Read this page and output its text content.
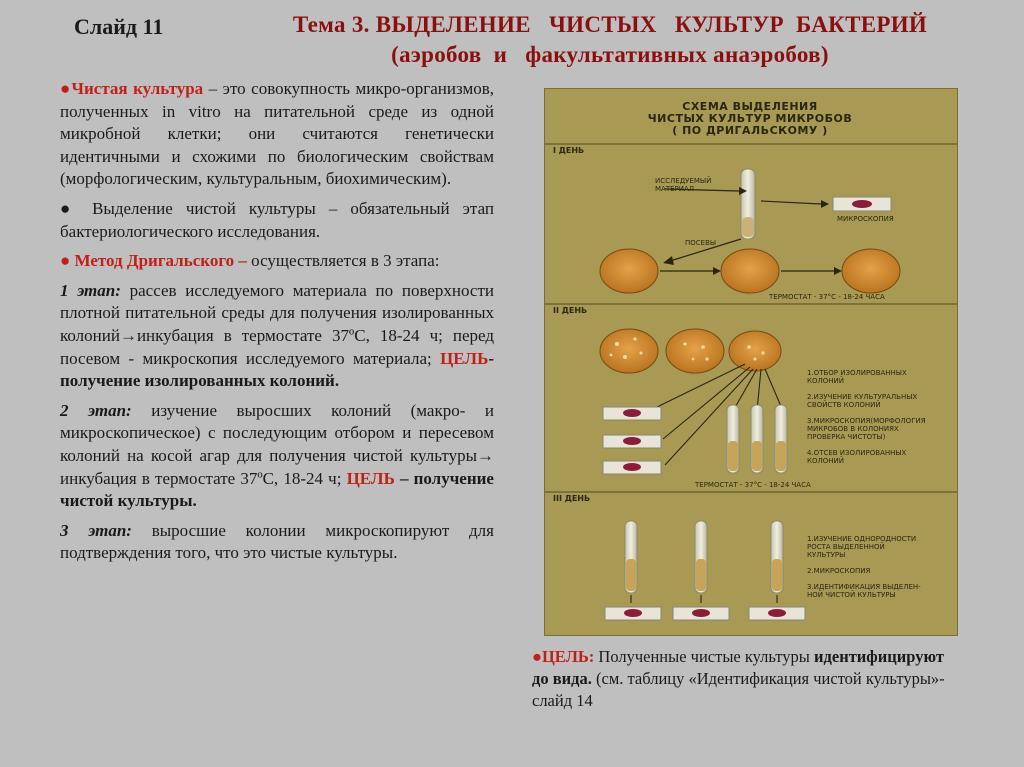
Слайд 11	Тема 3. ВЫДЕЛЕНИЕ   ЧИСТЫХ   КУЛЬТУР  БАКТЕРИЙ
(аэробов  и   факультативных анаэробов)

●Чистая культура – это совокупность микро-организмов, полученных in vitro на питательной среде из одной микробной клетки; они считаются генетически идентичными и схожими по биологическим свойствам (морфологическим, культуральным, биохимическим).

● Выделение чистой культуры – обязательный этап бактериологического исследования.

● Метод Дригальского – осуществляется в 3 этапа:

1 этап: рассев исследуемого материала по поверхности плотной питательной среды для получения изолированных колоний→инкубация в термостате 37ºС, 18-24 ч; перед посевом - микроскопия исследуемого материала; ЦЕЛЬ- получение изолированных колоний.

2 этап: изучение выросших колоний (макро- и микроскопическое) с последующим отбором и пересевом колоний на косой агар для получения чистой культуры→ инкубация в термостате 37ºС, 18-24 ч; ЦЕЛЬ – получение чистой культуры.

3 этап: выросшие колонии микроскопируют для подтверждения того, что это чистые культуры.

СХЕМА ВЫДЕЛЕНИЯ
ЧИСТЫХ КУЛЬТУР МИКРОБОВ
( ПО ДРИГАЛЬСКОМУ )
I ДЕНЬ
ИССЛЕДУЕМЫЙ
МАТЕРИАЛ
МИКРОСКОПИЯ
ПОСЕВЫ
ТЕРМОСТАТ - 37°С - 18-24 ЧАСА
II ДЕНЬ
1.ОТБОР ИЗОЛИРОВАННЫХ
КОЛОНИЙ

2.ИЗУЧЕНИЕ КУЛЬТУРАЛЬНЫХ
СВОЙСТВ КОЛОНИЙ

3.МИКРОСКОПИЯ(МОРФОЛОГИЯ
МИКРОБОВ В КОЛОНИЯХ
ПРОВЕРКА ЧИСТОТЫ)

4.ОТСЕВ ИЗОЛИРОВАННЫХ
КОЛОНИЙ
ТЕРМОСТАТ - 37°С - 18-24 ЧАСА
III ДЕНЬ
1.ИЗУЧЕНИЕ ОДНОРОДНОСТИ
РОСТА ВЫДЕЛЕННОЙ
КУЛЬТУРЫ

2.МИКРОСКОПИЯ

3.ИДЕНТИФИКАЦИЯ ВЫДЕЛЕН-
НОЙ ЧИСТОЙ КУЛЬТУРЫ
●ЦЕЛЬ: Полученные чистые культуры идентифицируют до вида. (см. таблицу «Идентификация чистой культуры»-слайд 14
